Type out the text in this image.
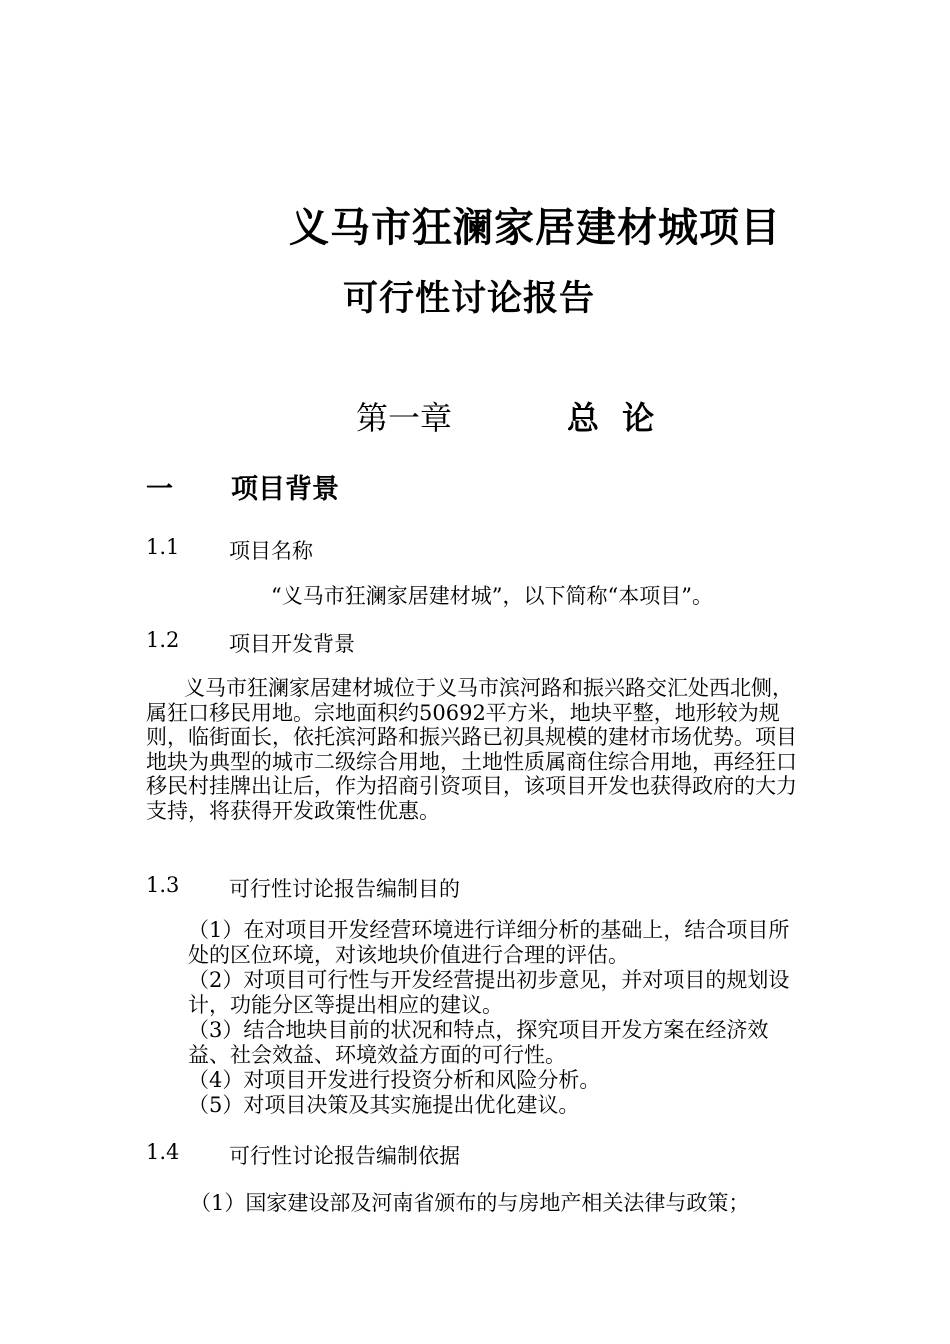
义马市狂澜家居建材城项目
可行性讨论报告
第一章	总 论
一 项目背景
1.1 项目名称
“义马市狂澜家居建材城”，以下简称“本项目”。
1.2 项目开发背景
义马市狂澜家居建材城位于义马市滨河路和振兴路交汇处西北侧，属狂口移民用地。宗地面积约50692平方米，地块平整，地形较为规则，临街面长，依托滨河路和振兴路已初具规模的建材市场优势。项目地块为典型的城市二级综合用地，土地性质属商住综合用地，再经狂口移民村挂牌出让后，作为招商引资项目，该项目开发也获得政府的大力支持，将获得开发政策性优惠。
1.3 可行性讨论报告编制目的
（1）在对项目开发经营环境进行详细分析的基础上，结合项目所处的区位环境，对该地块价值进行合理的评估。
（2）对项目可行性与开发经营提出初步意见，并对项目的规划设计，功能分区等提出相应的建议。
（3）结合地块目前的状况和特点，探究项目开发方案在经济效益、社会效益、环境效益方面的可行性。
（4）对项目开发进行投资分析和风险分析。
（5）对项目决策及其实施提出优化建议。
1.4 可行性讨论报告编制依据
（1）国家建设部及河南省颁布的与房地产相关法律与政策；
